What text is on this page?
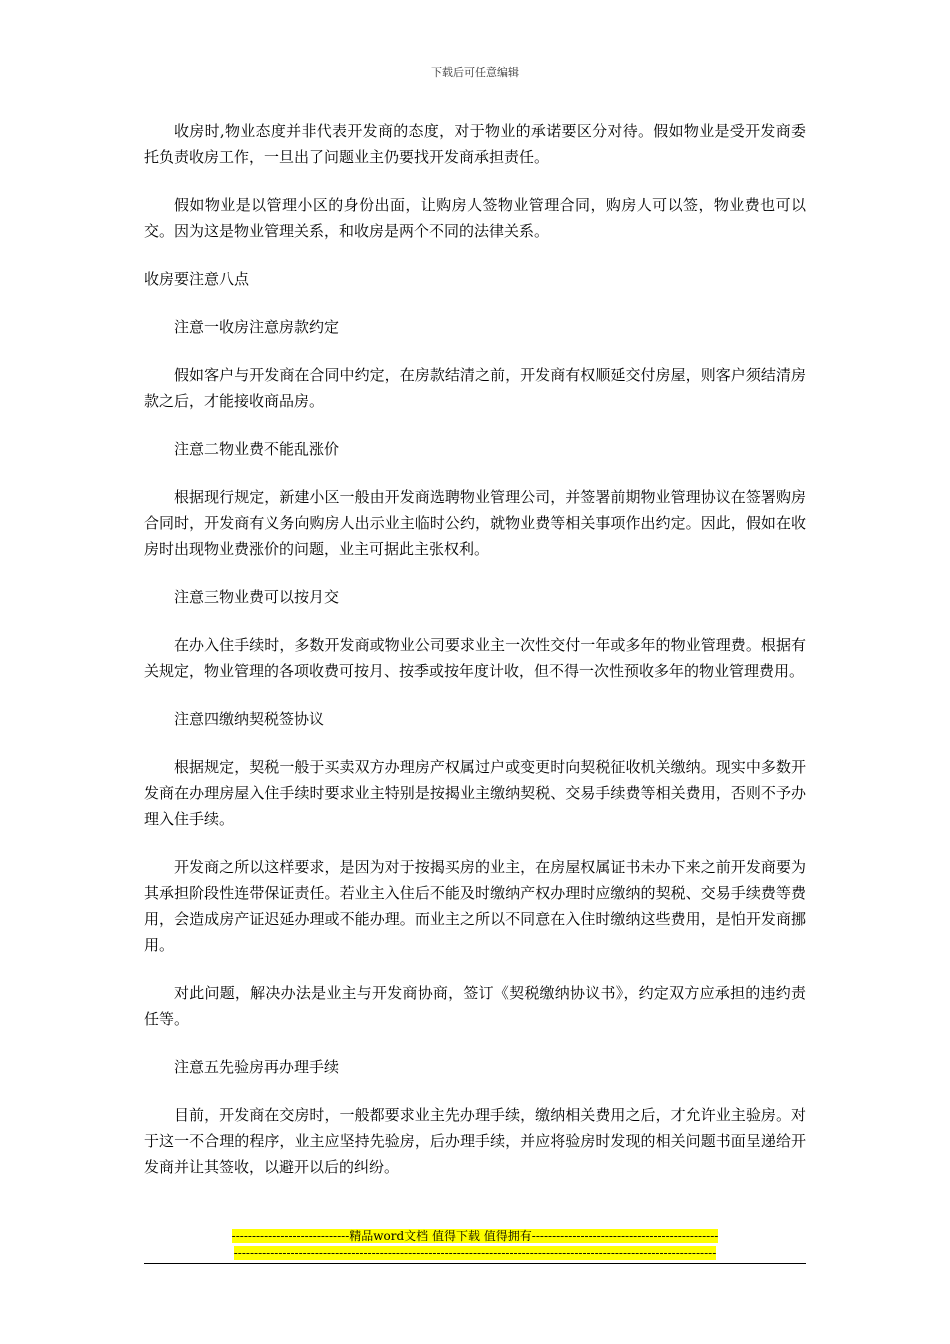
下载后可任意编辑

收房时,物业态度并非代表开发商的态度，对于物业的承诺要区分对待。假如物业是受开发商委托负责收房工作，一旦出了问题业主仍要找开发商承担责任。

假如物业是以管理小区的身份出面，让购房人签物业管理合同，购房人可以签，物业费也可以交。因为这是物业管理关系，和收房是两个不同的法律关系。

收房要注意八点

注意一收房注意房款约定

假如客户与开发商在合同中约定，在房款结清之前，开发商有权顺延交付房屋，则客户须结清房款之后，才能接收商品房。

注意二物业费不能乱涨价

根据现行规定，新建小区一般由开发商选聘物业管理公司，并签署前期物业管理协议在签署购房合同时，开发商有义务向购房人出示业主临时公约，就物业费等相关事项作出约定。因此，假如在收房时出现物业费涨价的问题，业主可据此主张权利。

注意三物业费可以按月交

在办入住手续时，多数开发商或物业公司要求业主一次性交付一年或多年的物业管理费。根据有关规定，物业管理的各项收费可按月、按季或按年度计收，但不得一次性预收多年的物业管理费用。

注意四缴纳契税签协议

根据规定，契税一般于买卖双方办理房产权属过户或变更时向契税征收机关缴纳。现实中多数开发商在办理房屋入住手续时要求业主特别是按揭业主缴纳契税、交易手续费等相关费用，否则不予办理入住手续。

开发商之所以这样要求，是因为对于按揭买房的业主，在房屋权属证书未办下来之前开发商要为其承担阶段性连带保证责任。若业主入住后不能及时缴纳产权办理时应缴纳的契税、交易手续费等费用，会造成房产证迟延办理或不能办理。而业主之所以不同意在入住时缴纳这些费用，是怕开发商挪用。

对此问题，解决办法是业主与开发商协商，签订《契税缴纳协议书》，约定双方应承担的违约责任等。

注意五先验房再办理手续

目前，开发商在交房时，一般都要求业主先办理手续，缴纳相关费用之后，才允许业主验房。对于这一不合理的程序，业主应坚持先验房，后办理手续，并应将验房时发现的相关问题书面呈递给开发商并让其签收，以避开以后的纠纷。

-----------------------------精品word文档 值得下载 值得拥有----------------------------------------------
-----------------------------------------------------------------------------------------------------------------------
